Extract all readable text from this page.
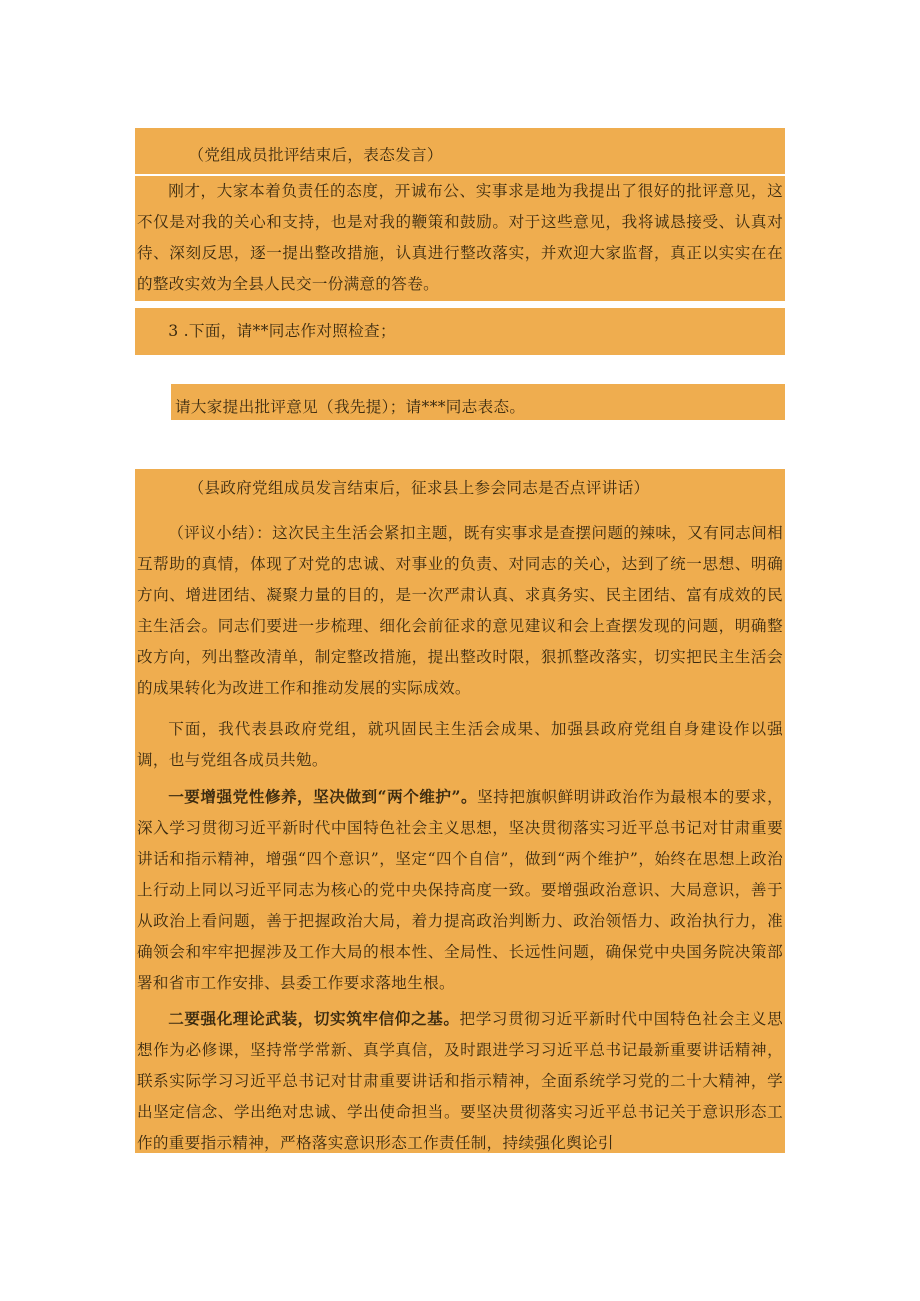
（党组成员批评结束后，表态发言）

刚才，大家本着负责任的态度，开诚布公、实事求是地为我提出了很好的批评意见，这不仅是对我的关心和支持，也是对我的鞭策和鼓励。对于这些意见，我将诚恳接受、认真对待、深刻反思，逐一提出整改措施，认真进行整改落实，并欢迎大家监督，真正以实实在在的整改实效为全县人民交一份满意的答卷。

3 .下面，请**同志作对照检查；

请大家提出批评意见（我先提）；请***同志表态。

（县政府党组成员发言结束后，征求县上参会同志是否点评讲话）

（评议小结）：这次民主生活会紧扣主题，既有实事求是查摆问题的辣味，又有同志间相互帮助的真情，体现了对党的忠诚、对事业的负责、对同志的关心，达到了统一思想、明确方向、增进团结、凝聚力量的目的，是一次严肃认真、求真务实、民主团结、富有成效的民主生活会。同志们要进一步梳理、细化会前征求的意见建议和会上查摆发现的问题，明确整改方向，列出整改清单，制定整改措施，提出整改时限，狠抓整改落实，切实把民主生活会的成果转化为改进工作和推动发展的实际成效。

下面，我代表县政府党组，就巩固民主生活会成果、加强县政府党组自身建设作以强调，也与党组各成员共勉。

一要增强党性修养，坚决做到“两个维护”。坚持把旗帜鲜明讲政治作为最根本的要求，深入学习贯彻习近平新时代中国特色社会主义思想，坚决贯彻落实习近平总书记对甘肃重要讲话和指示精神，增强“四个意识”，坚定“四个自信”，做到“两个维护”，始终在思想上政治上行动上同以习近平同志为核心的党中央保持高度一致。要增强政治意识、大局意识，善于从政治上看问题，善于把握政治大局，着力提高政治判断力、政治领悟力、政治执行力，准确领会和牢牢把握涉及工作大局的根本性、全局性、长远性问题，确保党中央国务院决策部署和省市工作安排、县委工作要求落地生根。

二要强化理论武装，切实筑牢信仰之基。把学习贯彻习近平新时代中国特色社会主义思想作为必修课，坚持常学常新、真学真信，及时跟进学习习近平总书记最新重要讲话精神，联系实际学习习近平总书记对甘肃重要讲话和指示精神，全面系统学习党的二十大精神，学出坚定信念、学出绝对忠诚、学出使命担当。要坚决贯彻落实习近平总书记关于意识形态工作的重要指示精神，严格落实意识形态工作责任制，持续强化舆论引
